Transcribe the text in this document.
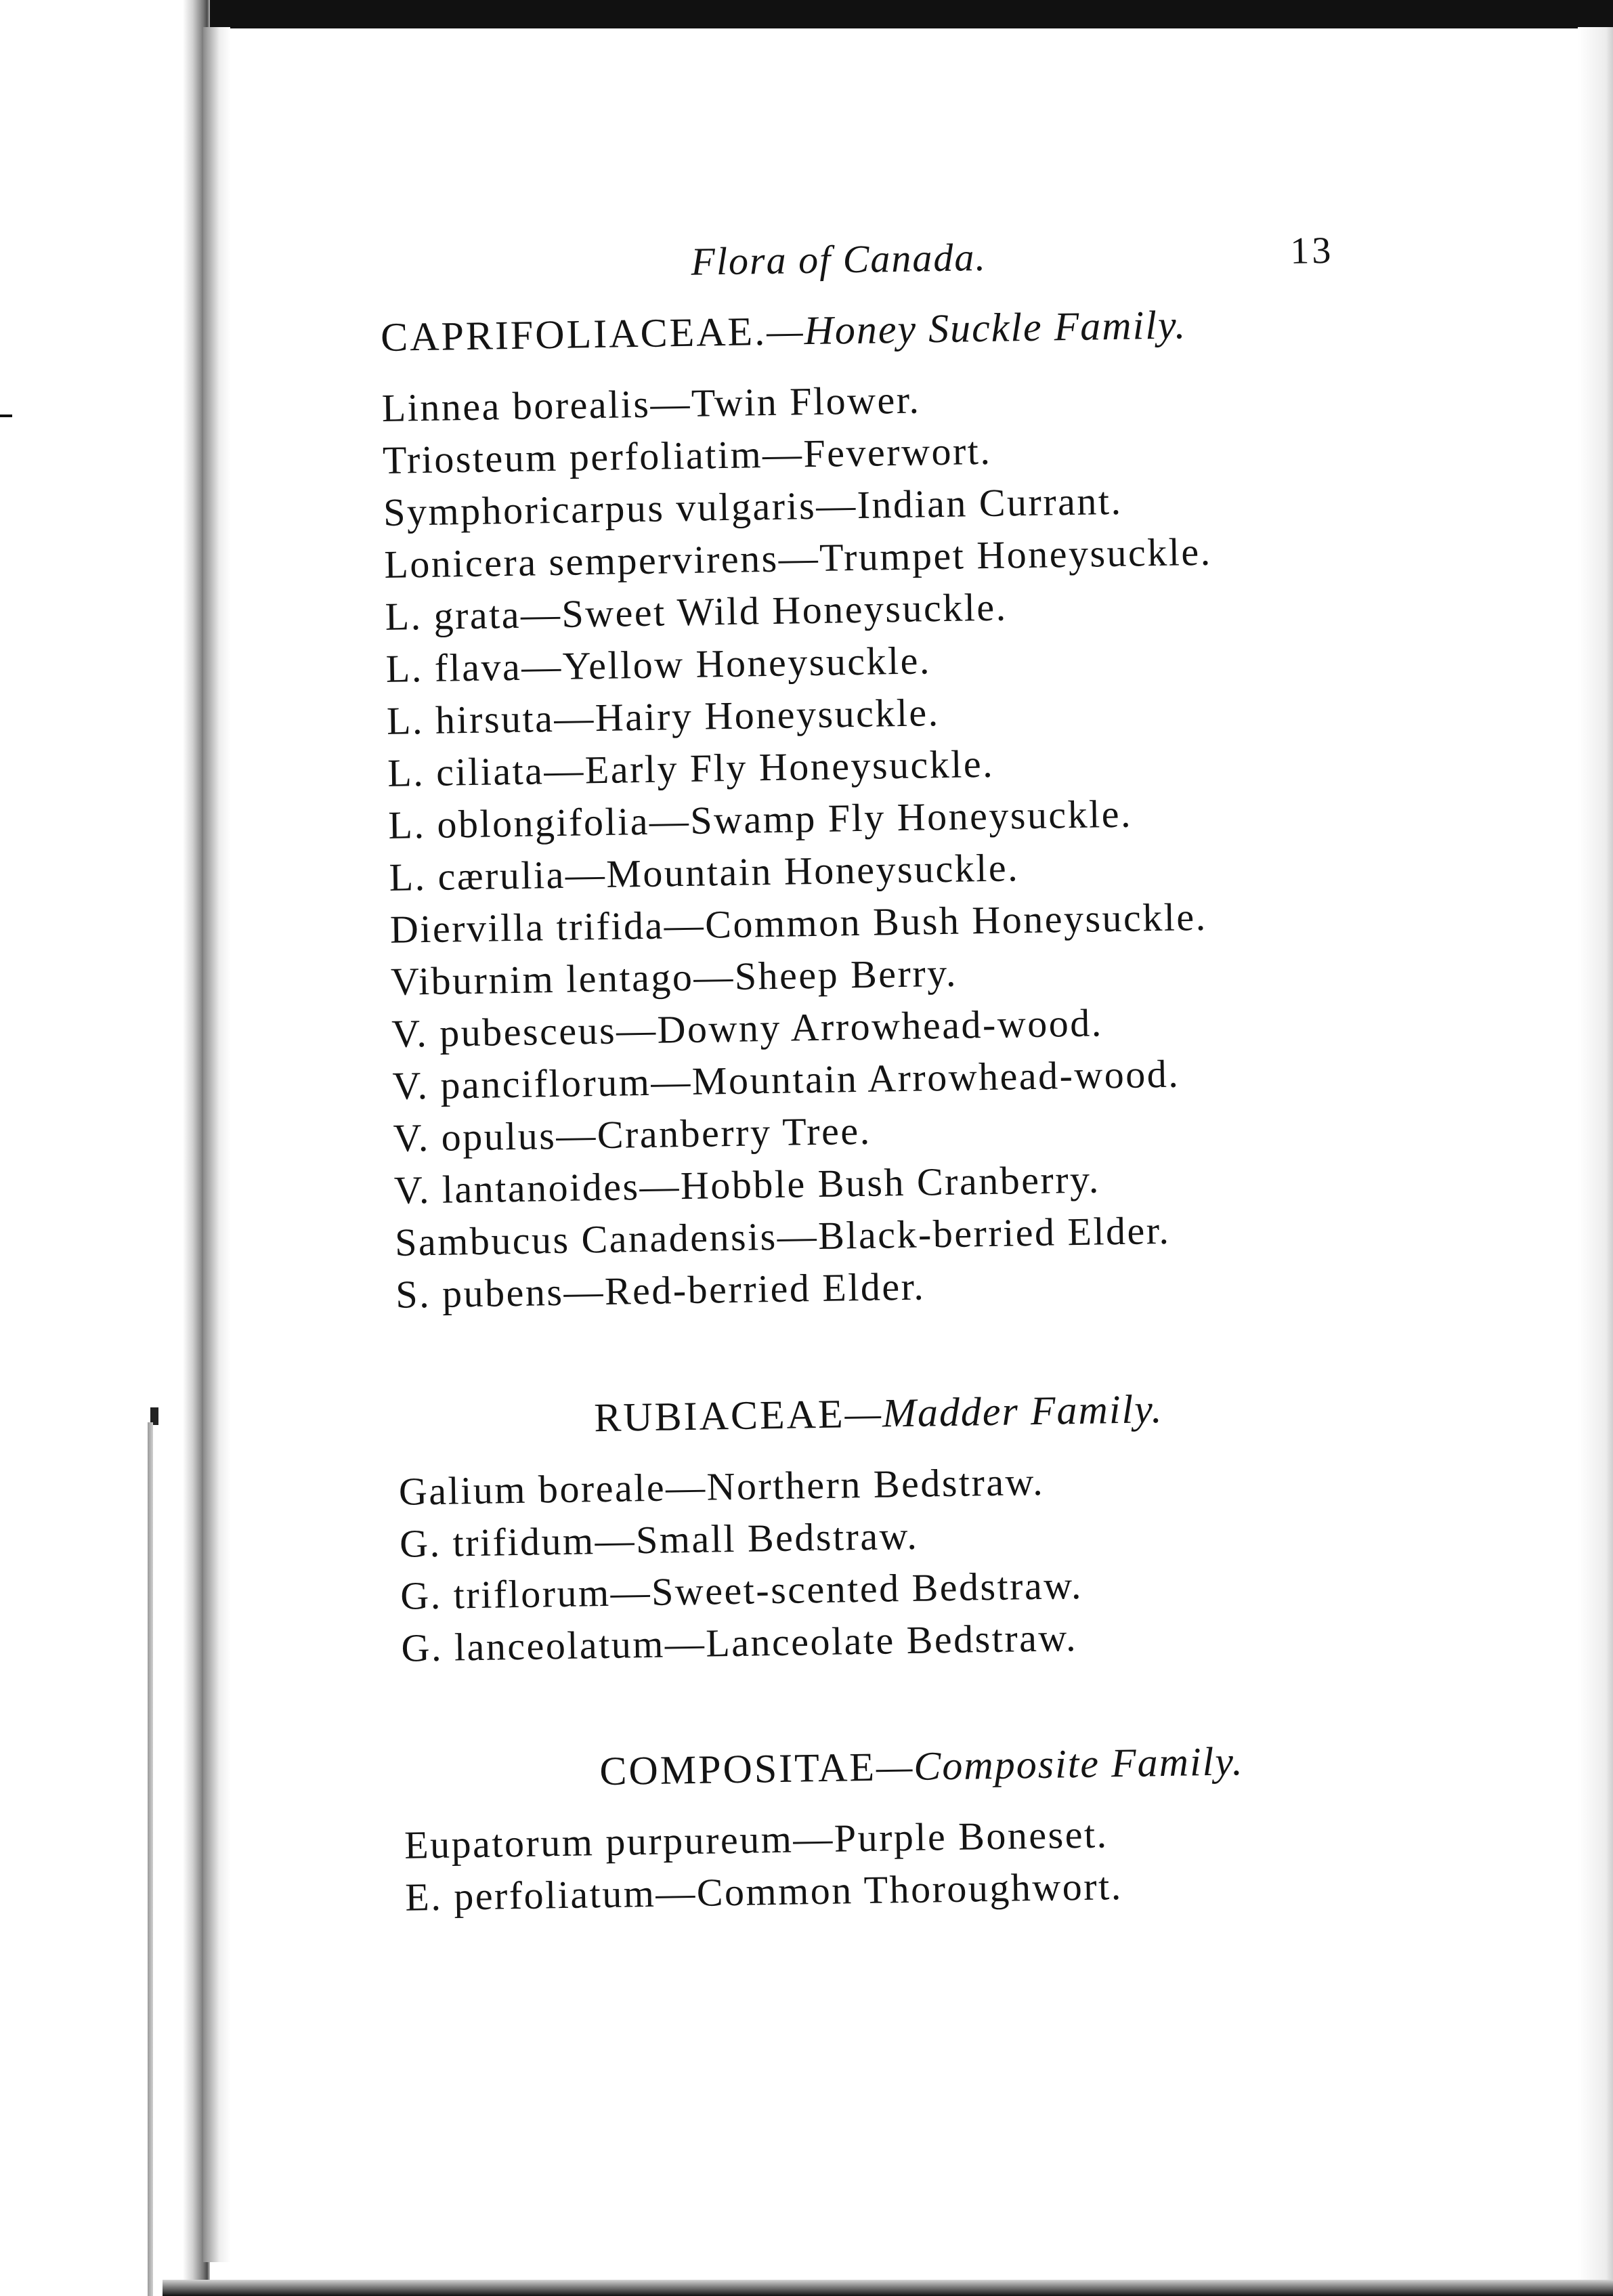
Flora of Canada.	13
CAPRIFOLIACEAE.—Honey Suckle Family.
Linnea borealis—Twin Flower.
Triosteum perfoliatim—Feverwort.
Symphoricarpus vulgaris—Indian Currant.
Lonicera sempervirens—Trumpet Honeysuckle.
L. grata—Sweet Wild Honeysuckle.
L. flava—Yellow Honeysuckle.
L. hirsuta—Hairy Honeysuckle.
L. ciliata—Early Fly Honeysuckle.
L. oblongifolia—Swamp Fly Honeysuckle.
L. cærulia—Mountain Honeysuckle.
Diervilla trifida—Common Bush Honeysuckle.
Viburnim lentago—Sheep Berry.
V. pubesceus—Downy Arrowhead-wood.
V. panciflorum—Mountain Arrowhead-wood.
V. opulus—Cranberry Tree.
V. lantanoides—Hobble Bush Cranberry.
Sambucus Canadensis—Black-berried Elder.
S. pubens—Red-berried Elder.
RUBIACEAE—Madder Family.
Galium boreale—Northern Bedstraw.
G. trifidum—Small Bedstraw.
G. triflorum—Sweet-scented Bedstraw.
G. lanceolatum—Lanceolate Bedstraw.
COMPOSITAE—Composite Family.
Eupatorum purpureum—Purple Boneset.
E. perfoliatum—Common Thoroughwort.
